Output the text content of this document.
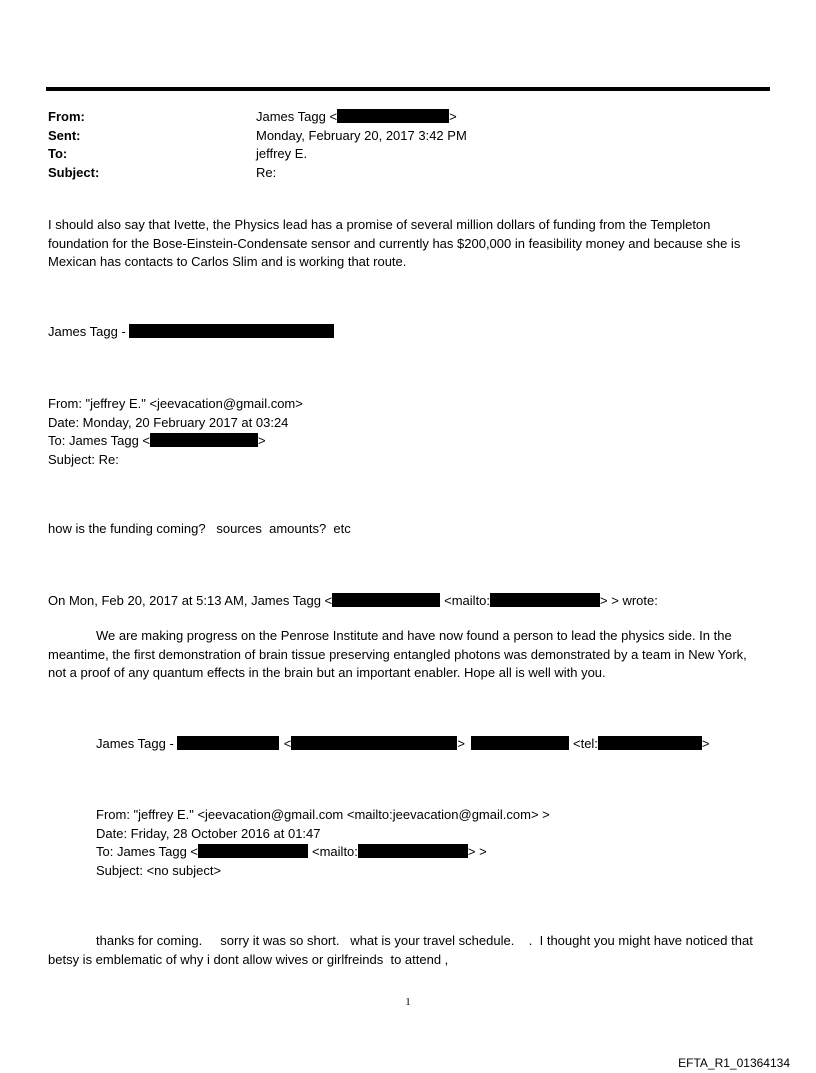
From:	James Tagg <	>
Sent:	Monday, February 20, 2017 3:42 PM
To:	jeffrey E.
Subject:	Re:
I should also say that Ivette, the Physics lead has a promise of several million dollars of funding from the Templeton foundation for the Bose-Einstein-Condensate sensor and currently has $200,000 in feasibility money and because she is Mexican has contacts to Carlos Slim and is working that route.
James Tagg -
From: "jeffrey E." <jeevacation@gmail.com>
Date: Monday, 20 February 2017 at 03:24
To: James Tagg <	>
Subject: Re:
how is the funding coming?   sources  amounts?  etc
On Mon, Feb 20, 2017 at 5:13 AM, James Tagg <	<mailto:	> > wrote:
We are making progress on the Penrose Institute and have now found a person to lead the physics side. In the meantime, the first demonstration of brain tissue preserving entangled photons was demonstrated by a team in New York, not a proof of any quantum effects in the brain but an important enabler. Hope all is well with you.
James Tagg -	<	>	<tel:	>
From: "jeffrey E." <jeevacation@gmail.com <mailto:jeevacation@gmail.com> >
Date: Friday, 28 October 2016 at 01:47
To: James Tagg <	<mailto:	> >
Subject: <no subject>
thanks for coming.     sorry it was so short.   what is your travel schedule.    .  I thought you might have noticed that betsy is emblematic of why i dont allow wives or girlfreinds  to attend ,
1
EFTA_R1_01364134
